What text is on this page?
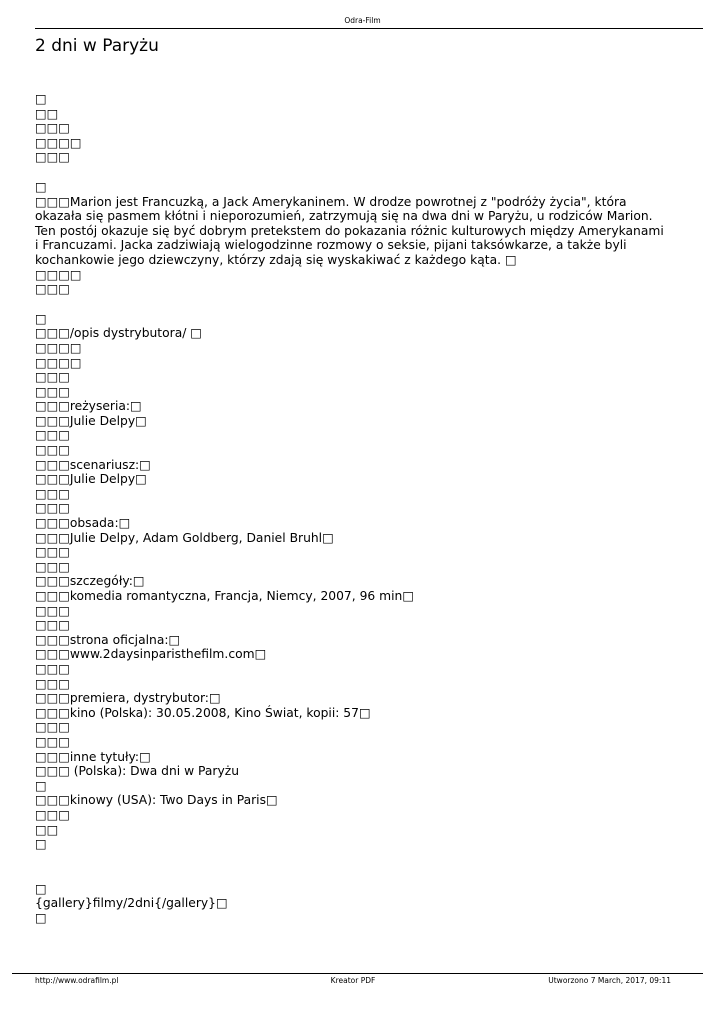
Odra-Film
2 dni w Paryżu
□
□□
□□□
□□□□
□□□
□
□□□Marion jest Francuzką, a Jack Amerykaninem. W drodze powrotnej z "podróży życia", która okazała się pasmem kłótni i nieporozumień, zatrzymują się na dwa dni w Paryżu, u rodziców Marion. Ten postój okazuje się być dobrym pretekstem do pokazania różnic kulturowych między Amerykanami i Francuzami. Jacka zadziwiają wielogodzinne rozmowy o seksie, pijani taksówkarze, a także byli kochankowie jego dziewczyny, którzy zdają się wyskakiwać z każdego kąta. □
□□□□
□□□
□
□□□/opis dystrybutora/ □
□□□□
□□□□
□□□
□□□
□□□reżyseria:□
□□□Julie Delpy□
□□□
□□□
□□□scenariusz:□
□□□Julie Delpy□
□□□
□□□
□□□obsada:□
□□□Julie Delpy, Adam Goldberg, Daniel Bruhl□
□□□
□□□
□□□szczegóły:□
□□□komedia romantyczna, Francja, Niemcy, 2007, 96 min□
□□□
□□□
□□□strona oficjalna:□
□□□www.2daysinparisthefilm.com□
□□□
□□□
□□□premiera, dystrybutor:□
□□□kino (Polska): 30.05.2008, Kino Świat, kopii: 57□
□□□
□□□
□□□inne tytuły:□
□□□ (Polska): Dwa dni w Paryżu
□
□□□kinowy (USA): Two Days in Paris□
□□□
□□
□
□
{gallery}filmy/2dni{/gallery}□
□
http://www.odrafilm.pl	Kreator PDF	Utworzono 7 March, 2017, 09:11
